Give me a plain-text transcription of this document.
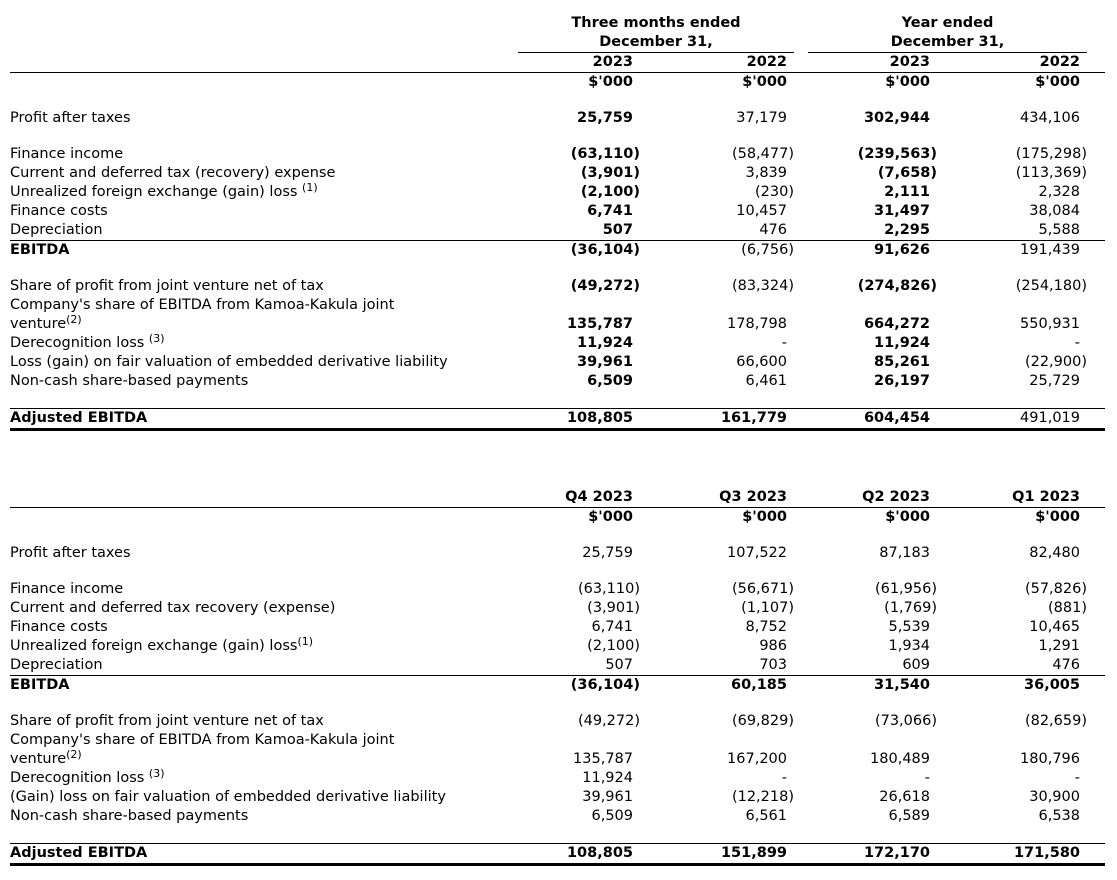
Three months ended
December 31,
Year ended
December 31,
2023	2022	2023	2022
$'000	$'000	$'000	$'000
Profit after taxes	25,759	37,179	302,944	434,106
Finance income	(63,110)	(58,477)	(239,563)	(175,298)
Current and deferred tax (recovery) expense	(3,901)	3,839	(7,658)	(113,369)
Unrealized foreign exchange (gain) loss $^{(1)}$	(2,100)	(230)	2,111	2,328
Finance costs	6,741	10,457	31,497	38,084
Depreciation	507	476	2,295	5,588
EBITDA	(36,104)	(6,756)	91,626	191,439
Share of profit from joint venture net of tax	(49,272)	(83,324)	(274,826)	(254,180)
Company's share of EBITDA from Kamoa-Kakula joint
venture$^{(2)}$	135,787	178,798	664,272	550,931
Derecognition loss $^{(3)}$	11,924	-	11,924	-
Loss (gain) on fair valuation of embedded derivative liability	39,961	66,600	85,261	(22,900)
Non-cash share-based payments	6,509	6,461	26,197	25,729
Adjusted EBITDA	108,805	161,779	604,454	491,019
Q4 2023	Q3 2023	Q2 2023	Q1 2023
$'000	$'000	$'000	$'000
Profit after taxes	25,759	107,522	87,183	82,480
Finance income	(63,110)	(56,671)	(61,956)	(57,826)
Current and deferred tax recovery (expense)	(3,901)	(1,107)	(1,769)	(881)
Finance costs	6,741	8,752	5,539	10,465
Unrealized foreign exchange (gain) loss$^{(1)}$	(2,100)	986	1,934	1,291
Depreciation	507	703	609	476
EBITDA	(36,104)	60,185	31,540	36,005
Share of profit from joint venture net of tax	(49,272)	(69,829)	(73,066)	(82,659)
Company's share of EBITDA from Kamoa-Kakula joint
venture$^{(2)}$	135,787	167,200	180,489	180,796
Derecognition loss $^{(3)}$	11,924	-	-	-
(Gain) loss on fair valuation of embedded derivative liability	39,961	(12,218)	26,618	30,900
Non-cash share-based payments	6,509	6,561	6,589	6,538
Adjusted EBITDA	108,805	151,899	172,170	171,580
